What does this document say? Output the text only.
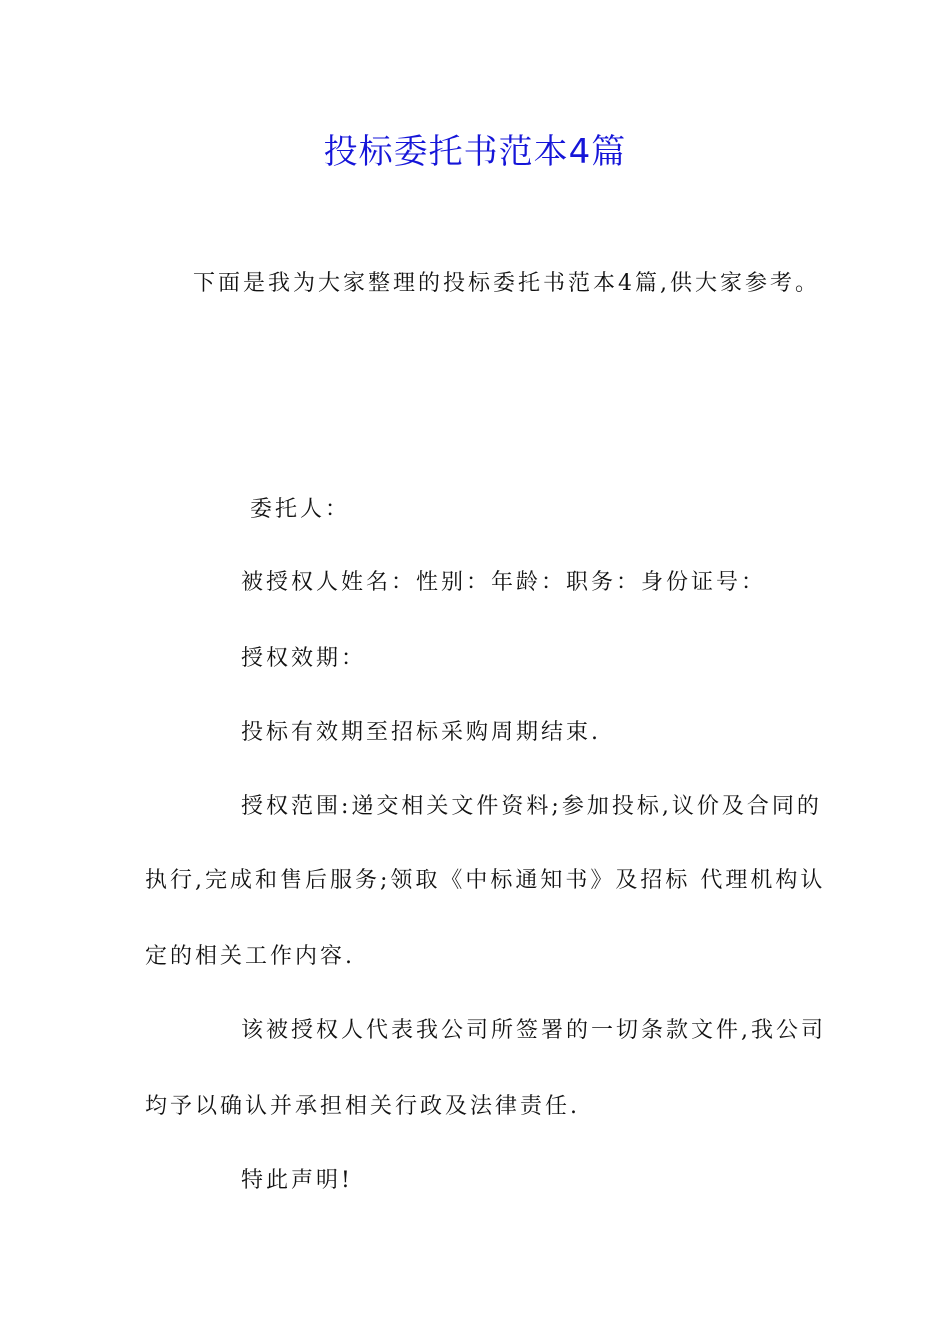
投标委托书范本4篇
下面是我为大家整理的投标委托书范本4篇,供大家参考。
委托人：
被授权人姓名：性别：年龄：职务：身份证号：
授权效期：
投标有效期至招标采购周期结束.
授权范围:递交相关文件资料;参加投标,议价及合同的
执行,完成和售后服务;领取《中标通知书》及招标 代理机构认
定的相关工作内容.
该被授权人代表我公司所签署的一切条款文件,我公司
均予以确认并承担相关行政及法律责任.
特此声明!
